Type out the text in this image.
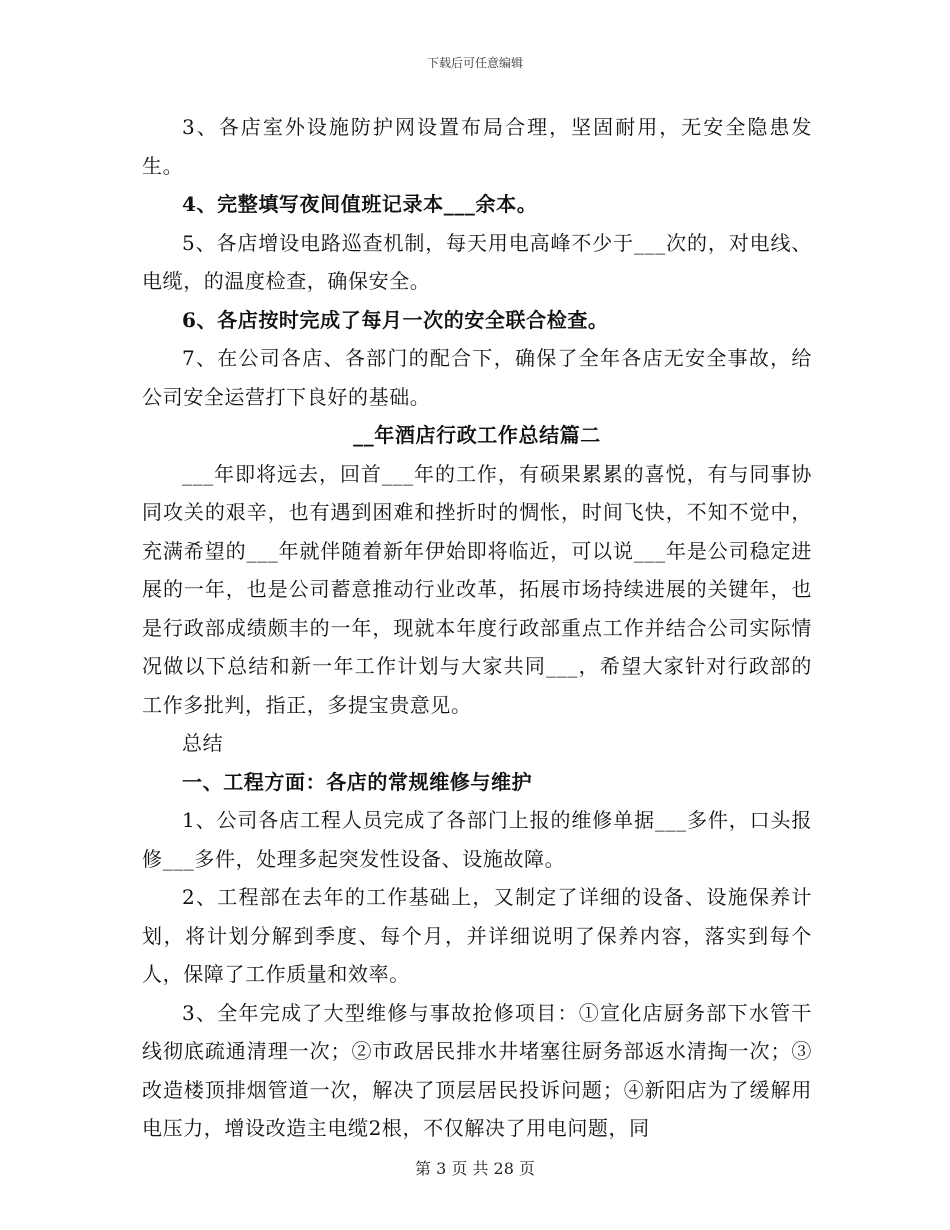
下载后可任意编辑

3、各店室外设施防护网设置布局合理，坚固耐用，无安全隐患发生。

4、完整填写夜间值班记录本___余本。

5、各店增设电路巡查机制，每天用电高峰不少于___次的，对电线、电缆，的温度检查，确保安全。

6、各店按时完成了每月一次的安全联合检查。

7、在公司各店、各部门的配合下，确保了全年各店无安全事故，给公司安全运营打下良好的基础。

__年酒店行政工作总结篇二

___年即将远去，回首___年的工作，有硕果累累的喜悦，有与同事协同攻关的艰辛，也有遇到困难和挫折时的惆怅，时间飞快，不知不觉中，充满希望的___年就伴随着新年伊始即将临近，可以说___年是公司稳定进展的一年，也是公司蓄意推动行业改革，拓展市场持续进展的关键年，也是行政部成绩颇丰的一年，现就本年度行政部重点工作并结合公司实际情况做以下总结和新一年工作计划与大家共同___，希望大家针对行政部的工作多批判，指正，多提宝贵意见。

总结

一、工程方面：各店的常规维修与维护

1、公司各店工程人员完成了各部门上报的维修单据___多件，口头报修___多件，处理多起突发性设备、设施故障。

2、工程部在去年的工作基础上，又制定了详细的设备、设施保养计划，将计划分解到季度、每个月，并详细说明了保养内容，落实到每个人，保障了工作质量和效率。

3、全年完成了大型维修与事故抢修项目：①宣化店厨务部下水管干线彻底疏通清理一次；②市政居民排水井堵塞往厨务部返水清掏一次；③改造楼顶排烟管道一次，解决了顶层居民投诉问题；④新阳店为了缓解用电压力，增设改造主电缆2根，不仅解决了用电问题，同

第 3 页 共 28 页
